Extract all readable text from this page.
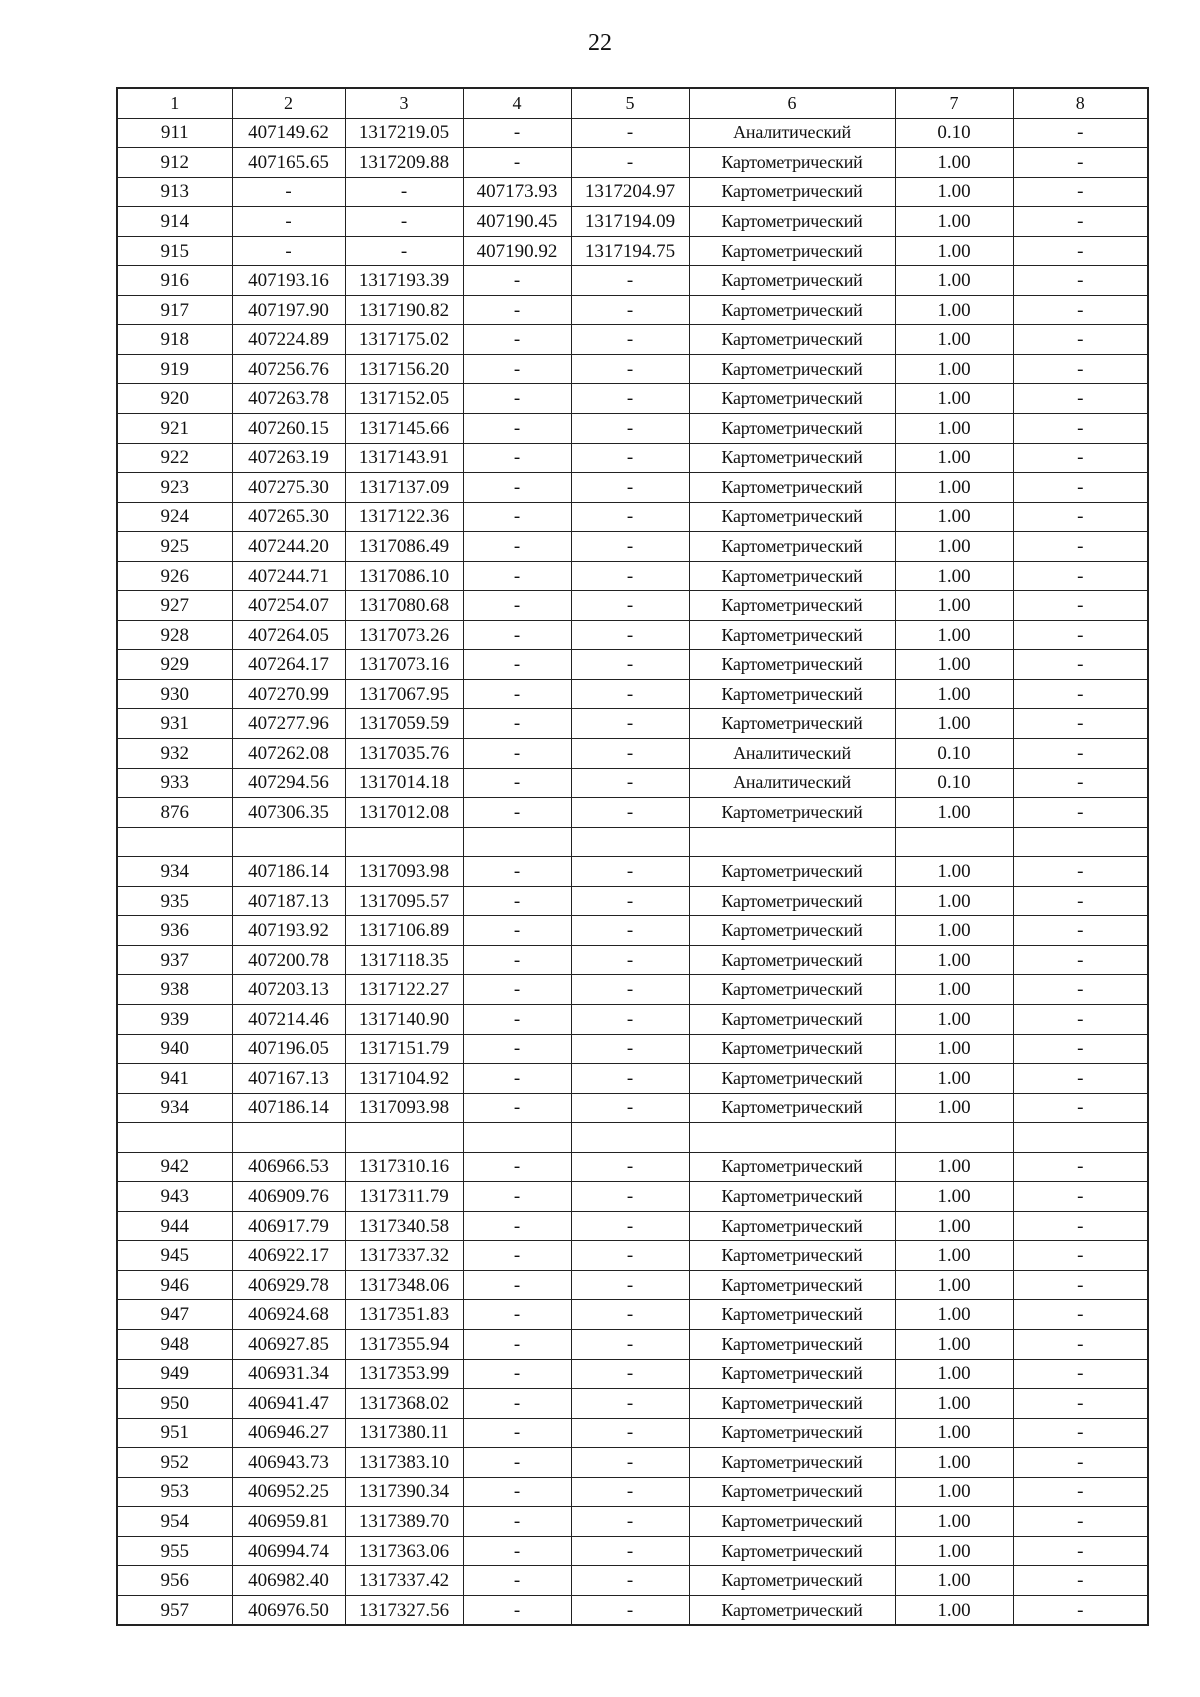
22
1	2	3	4	5	6	7	8
911	407149.62	1317219.05	-	-	Аналитический	0.10	-
912	407165.65	1317209.88	-	-	Картометрический	1.00	-
913	-	-	407173.93	1317204.97	Картометрический	1.00	-
914	-	-	407190.45	1317194.09	Картометрический	1.00	-
915	-	-	407190.92	1317194.75	Картометрический	1.00	-
916	407193.16	1317193.39	-	-	Картометрический	1.00	-
917	407197.90	1317190.82	-	-	Картометрический	1.00	-
918	407224.89	1317175.02	-	-	Картометрический	1.00	-
919	407256.76	1317156.20	-	-	Картометрический	1.00	-
920	407263.78	1317152.05	-	-	Картометрический	1.00	-
921	407260.15	1317145.66	-	-	Картометрический	1.00	-
922	407263.19	1317143.91	-	-	Картометрический	1.00	-
923	407275.30	1317137.09	-	-	Картометрический	1.00	-
924	407265.30	1317122.36	-	-	Картометрический	1.00	-
925	407244.20	1317086.49	-	-	Картометрический	1.00	-
926	407244.71	1317086.10	-	-	Картометрический	1.00	-
927	407254.07	1317080.68	-	-	Картометрический	1.00	-
928	407264.05	1317073.26	-	-	Картометрический	1.00	-
929	407264.17	1317073.16	-	-	Картометрический	1.00	-
930	407270.99	1317067.95	-	-	Картометрический	1.00	-
931	407277.96	1317059.59	-	-	Картометрический	1.00	-
932	407262.08	1317035.76	-	-	Аналитический	0.10	-
933	407294.56	1317014.18	-	-	Аналитический	0.10	-
876	407306.35	1317012.08	-	-	Картометрический	1.00	-

934	407186.14	1317093.98	-	-	Картометрический	1.00	-
935	407187.13	1317095.57	-	-	Картометрический	1.00	-
936	407193.92	1317106.89	-	-	Картометрический	1.00	-
937	407200.78	1317118.35	-	-	Картометрический	1.00	-
938	407203.13	1317122.27	-	-	Картометрический	1.00	-
939	407214.46	1317140.90	-	-	Картометрический	1.00	-
940	407196.05	1317151.79	-	-	Картометрический	1.00	-
941	407167.13	1317104.92	-	-	Картометрический	1.00	-
934	407186.14	1317093.98	-	-	Картометрический	1.00	-

942	406966.53	1317310.16	-	-	Картометрический	1.00	-
943	406909.76	1317311.79	-	-	Картометрический	1.00	-
944	406917.79	1317340.58	-	-	Картометрический	1.00	-
945	406922.17	1317337.32	-	-	Картометрический	1.00	-
946	406929.78	1317348.06	-	-	Картометрический	1.00	-
947	406924.68	1317351.83	-	-	Картометрический	1.00	-
948	406927.85	1317355.94	-	-	Картометрический	1.00	-
949	406931.34	1317353.99	-	-	Картометрический	1.00	-
950	406941.47	1317368.02	-	-	Картометрический	1.00	-
951	406946.27	1317380.11	-	-	Картометрический	1.00	-
952	406943.73	1317383.10	-	-	Картометрический	1.00	-
953	406952.25	1317390.34	-	-	Картометрический	1.00	-
954	406959.81	1317389.70	-	-	Картометрический	1.00	-
955	406994.74	1317363.06	-	-	Картометрический	1.00	-
956	406982.40	1317337.42	-	-	Картометрический	1.00	-
957	406976.50	1317327.56	-	-	Картометрический	1.00	-
